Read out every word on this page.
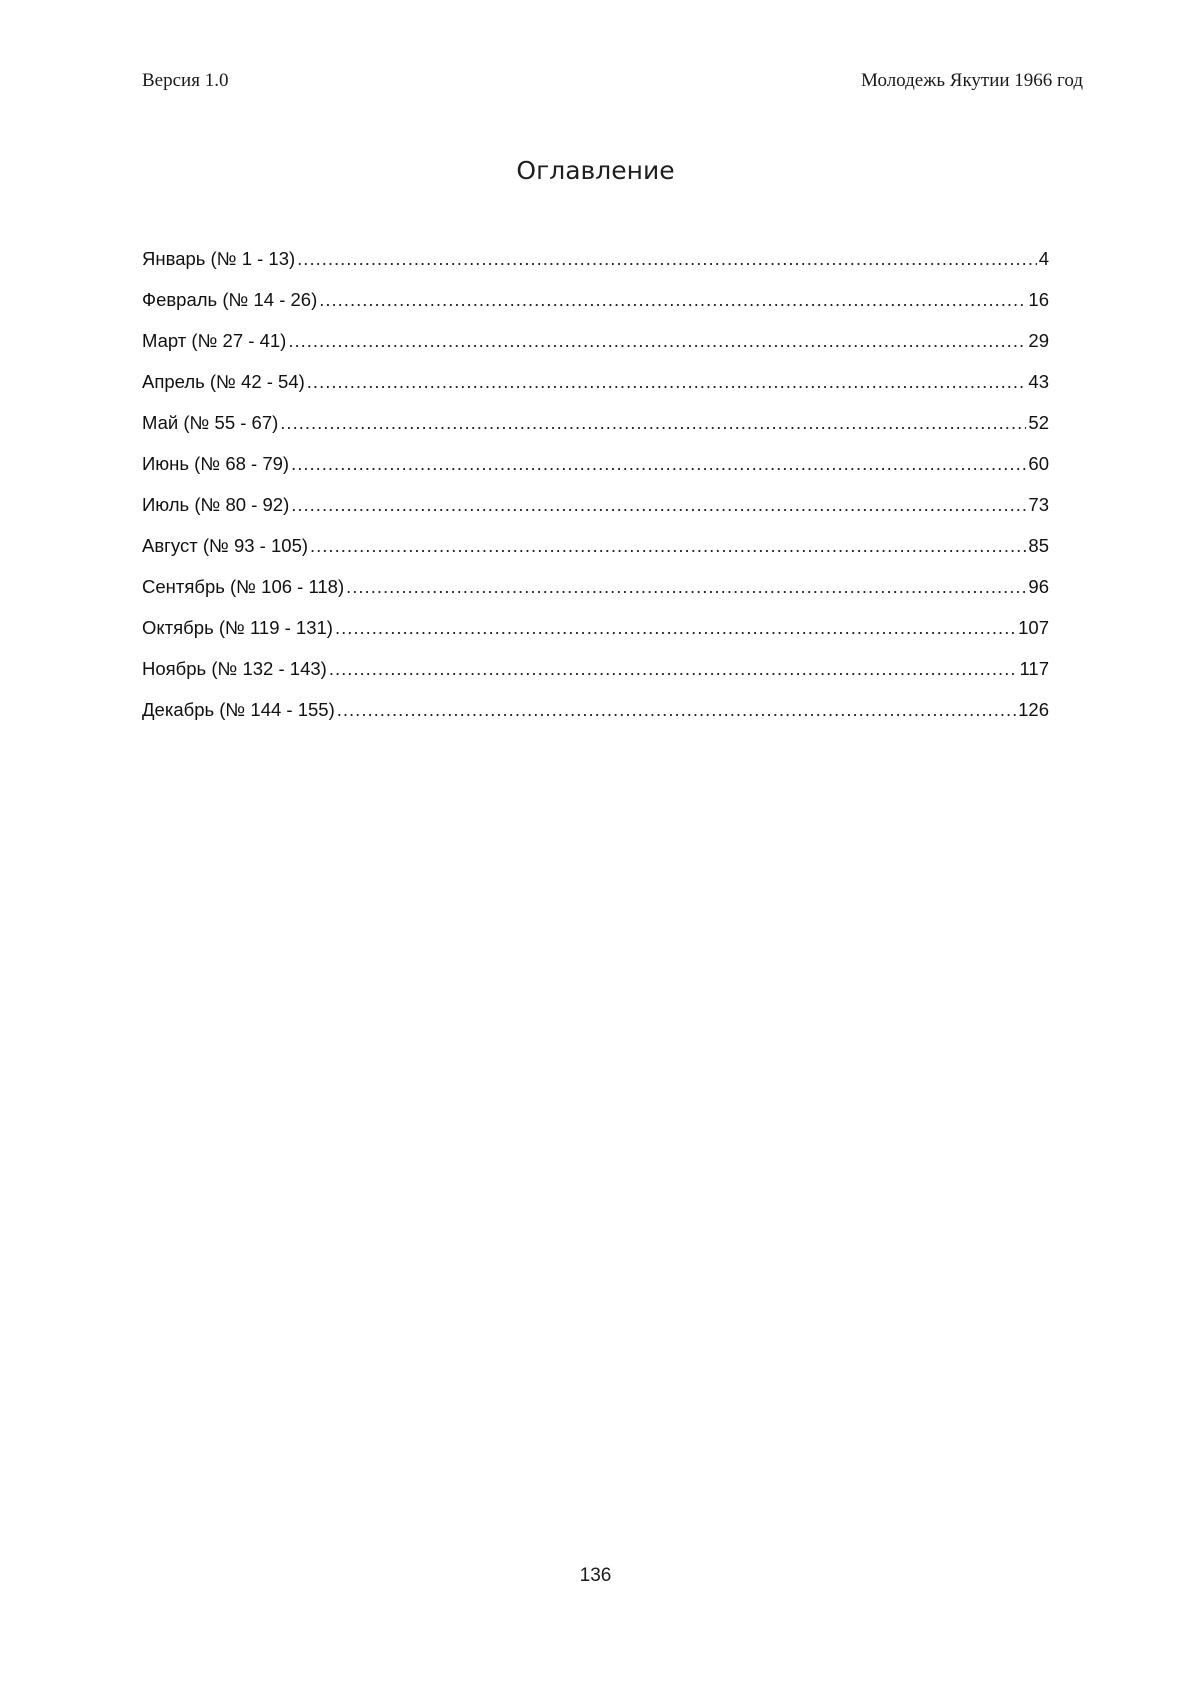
Версия 1.0	Молодежь Якутии 1966 год
Оглавление
Январь (№ 1 - 13) .....	4
Февраль (№ 14 - 26) .....	16
Март (№ 27 - 41) .....	29
Апрель (№ 42 - 54) .....	43
Май (№ 55 - 67) .....	52
Июнь (№ 68 - 79) .....	60
Июль (№ 80 - 92) .....	73
Август (№ 93 - 105) .....	85
Сентябрь (№ 106 - 118) .....	96
Октябрь (№ 119 - 131) .....	107
Ноябрь (№ 132 - 143) .....	117
Декабрь (№ 144 - 155) .....	126
136
